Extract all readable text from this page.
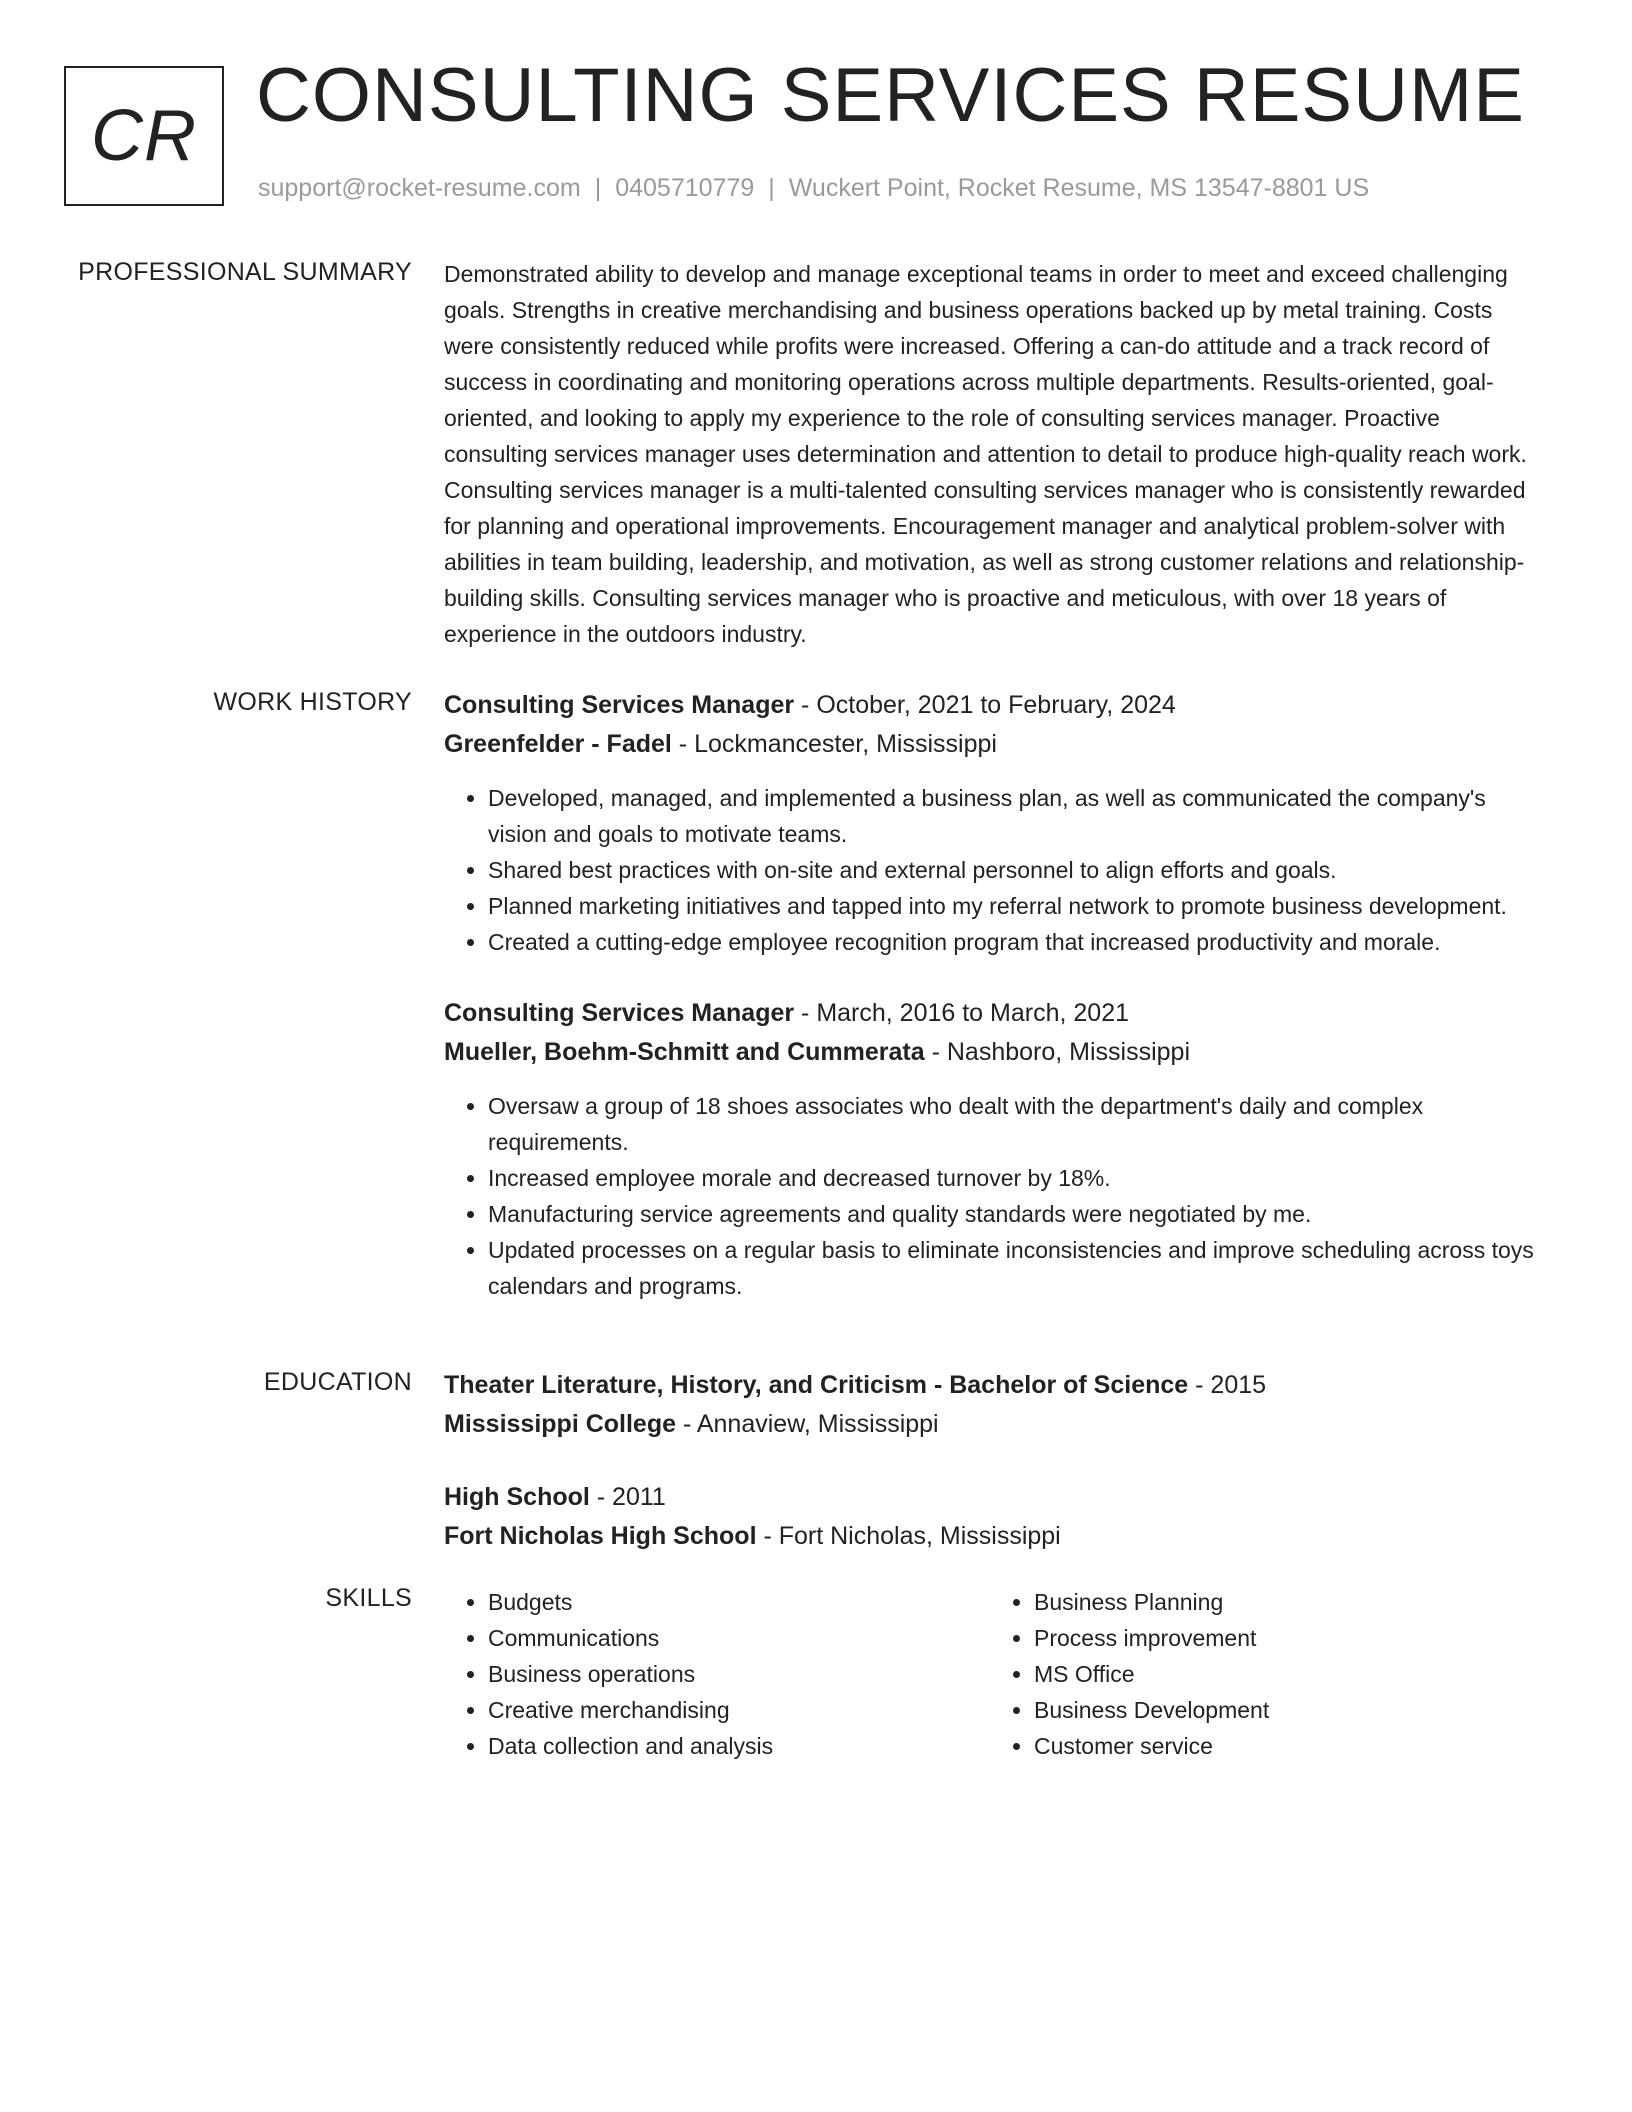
CR CONSULTING SERVICES RESUME
support@rocket-resume.com | 0405710779 | Wuckert Point, Rocket Resume, MS 13547-8801 US
PROFESSIONAL SUMMARY Demonstrated ability to develop and manage exceptional teams in order to meet and exceed challenging goals. Strengths in creative merchandising and business operations backed up by metal training. Costs were consistently reduced while profits were increased. Offering a can-do attitude and a track record of success in coordinating and monitoring operations across multiple departments. Results-oriented, goal-oriented, and looking to apply my experience to the role of consulting services manager. Proactive consulting services manager uses determination and attention to detail to produce high-quality reach work. Consulting services manager is a multi-talented consulting services manager who is consistently rewarded for planning and operational improvements. Encouragement manager and analytical problem-solver with abilities in team building, leadership, and motivation, as well as strong customer relations and relationship-building skills. Consulting services manager who is proactive and meticulous, with over 18 years of experience in the outdoors industry.

WORK HISTORY Consulting Services Manager - October, 2021 to February, 2024
Greenfelder - Fadel - Lockmancester, Mississippi
• Developed, managed, and implemented a business plan, as well as communicated the company's vision and goals to motivate teams.
• Shared best practices with on-site and external personnel to align efforts and goals.
• Planned marketing initiatives and tapped into my referral network to promote business development.
• Created a cutting-edge employee recognition program that increased productivity and morale.
Consulting Services Manager - March, 2016 to March, 2021
Mueller, Boehm-Schmitt and Cummerata - Nashboro, Mississippi
• Oversaw a group of 18 shoes associates who dealt with the department's daily and complex requirements.
• Increased employee morale and decreased turnover by 18%.
• Manufacturing service agreements and quality standards were negotiated by me.
• Updated processes on a regular basis to eliminate inconsistencies and improve scheduling across toys calendars and programs.
EDUCATION Theater Literature, History, and Criticism - Bachelor of Science - 2015
Mississippi College - Annaview, Mississippi
High School - 2011
Fort Nicholas High School - Fort Nicholas, Mississippi
SKILLS
•	Budgets
• Communications
• Business operations
• Creative merchandising
• Data collection and analysis
• Business Planning
• Process improvement
• MS Office
• Business Development
• Customer service
